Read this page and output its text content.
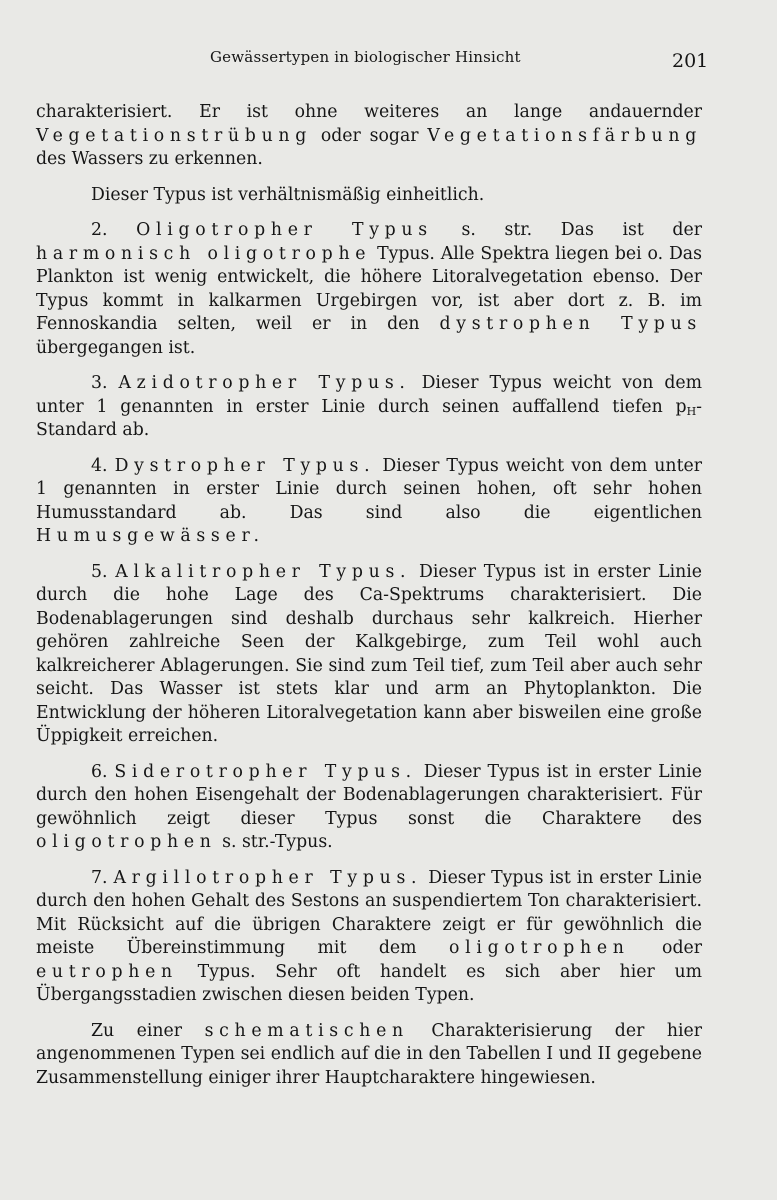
Gewässertypen in biologischer Hinsicht	201

charakterisiert. Er ist ohne weiteres an lange andauernder Vegetationstrübung oder sogar Vegetationsfärbung des Wassers zu erkennen.

Dieser Typus ist verhältnismäßig einheitlich.

2. Oligotropher Typus s. str. Das ist der harmonisch oligotrophe Typus. Alle Spektra liegen bei o. Das Plankton ist wenig entwickelt, die höhere Litoralvegetation ebenso. Der Typus kommt in kalkarmen Urgebirgen vor, ist aber dort z. B. im Fennoskandia selten, weil er in den dystrophen Typus übergegangen ist.

3. Azidotropher Typus. Dieser Typus weicht von dem unter 1 genannten in erster Linie durch seinen auffallend tiefen $p_H$-Standard ab.

4. Dystropher Typus. Dieser Typus weicht von dem unter 1 genannten in erster Linie durch seinen hohen, oft sehr hohen Humusstandard ab. Das sind also die eigentlichen Humusgewässer.

5. Alkalitropher Typus. Dieser Typus ist in erster Linie durch die hohe Lage des Ca-Spektrums charakterisiert. Die Bodenablagerungen sind deshalb durchaus sehr kalkreich. Hierher gehören zahlreiche Seen der Kalkgebirge, zum Teil wohl auch kalkreicherer Ablagerungen. Sie sind zum Teil tief, zum Teil aber auch sehr seicht. Das Wasser ist stets klar und arm an Phytoplankton. Die Entwicklung der höheren Litoralvegetation kann aber bisweilen eine große Üppigkeit erreichen.

6. Siderotropher Typus. Dieser Typus ist in erster Linie durch den hohen Eisengehalt der Bodenablagerungen charakterisiert. Für gewöhnlich zeigt dieser Typus sonst die Charaktere des oligotrophen s. str.-Typus.

7. Argillotropher Typus. Dieser Typus ist in erster Linie durch den hohen Gehalt des Sestons an suspendiertem Ton charakterisiert. Mit Rücksicht auf die übrigen Charaktere zeigt er für gewöhnlich die meiste Übereinstimmung mit dem oligotrophen oder eutrophen Typus. Sehr oft handelt es sich aber hier um Übergangsstadien zwischen diesen beiden Typen.

Zu einer schematischen Charakterisierung der hier angenommenen Typen sei endlich auf die in den Tabellen I und II gegebene Zusammenstellung einiger ihrer Hauptcharaktere hingewiesen.
